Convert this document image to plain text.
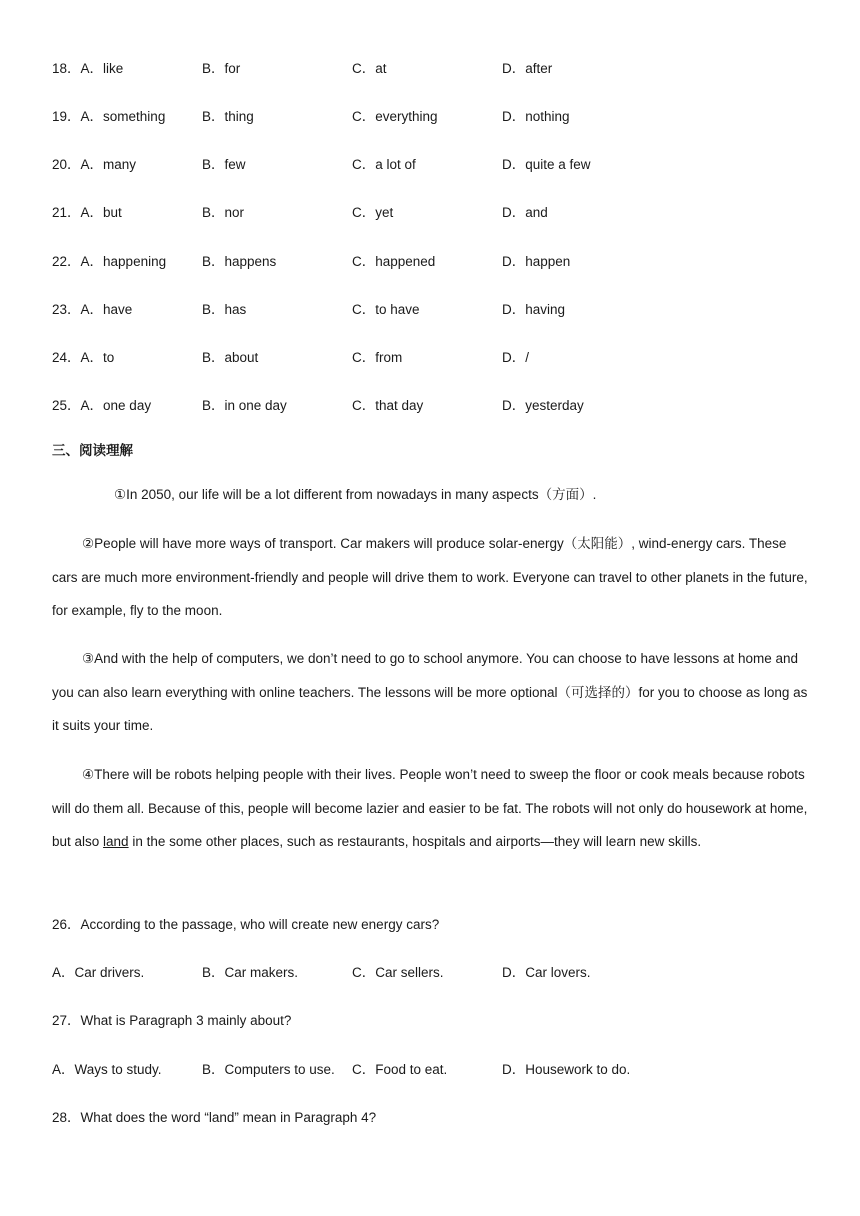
18．A．like	B．for	C．at	D．after
19．A．something	B．thing	C．everything	D．nothing
20．A．many	B．few	C．a lot of	D．quite a few
21．A．but	B．nor	C．yet	D．and
22．A．happening	B．happens	C．happened	D．happen
23．A．have	B．has	C．to have	D．having
24．A．to	B．about	C．from	D．/
25．A．one day	B．in one day	C．that day	D．yesterday
三、阅读理解
①In 2050, our life will be a lot different from nowadays in many aspects（方面）.
②People will have more ways of transport. Car makers will produce solar-energy（太阳能）, wind-energy cars. These cars are much more environment-friendly and people will drive them to work. Everyone can travel to other planets in the future, for example, fly to the moon.
③And with the help of computers, we don’t need to go to school anymore. You can choose to have lessons at home and you can also learn everything with online teachers. The lessons will be more optional（可选择的）for you to choose as long as it suits your time.
④There will be robots helping people with their lives. People won’t need to sweep the floor or cook meals because robots will do them all. Because of this, people will become lazier and easier to be fat. The robots will not only do housework at home, but also land in the some other places, such as restaurants, hospitals and airports—they will learn new skills.
26．According to the passage, who will create new energy cars?
A．Car drivers.	B．Car makers.	C．Car sellers.	D．Car lovers.
27．What is Paragraph 3 mainly about?
A．Ways to study.	B．Computers to use. C．Food to eat.	D．Housework to do.
28．What does the word “land” mean in Paragraph 4?
